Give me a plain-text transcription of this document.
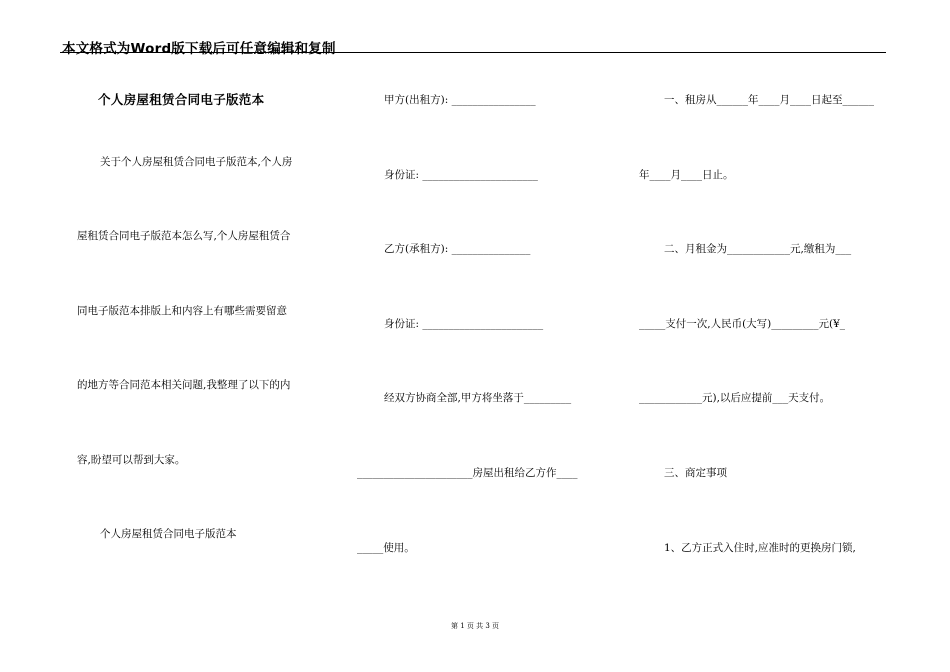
本文格式为Word版下载后可任意编辑和复制
个人房屋租赁合同电子版范本
关于个人房屋租赁合同电子版范本,个人房
屋租赁合同电子版范本怎么写,个人房屋租赁合
同电子版范本排版上和内容上有哪些需要留意
的地方等合同范本相关问题,我整理了以下的内
容,盼望可以帮到大家。
个人房屋租赁合同电子版范本
甲方(出租方): ________________
身份证: ______________________
乙方(承租方): _______________
身份证: _______________________
经双方协商全部,甲方将坐落于_________
______________________房屋出租给乙方作____
_____使用。
一、租房从______年____月____日起至______
年____月____日止。
二、月租金为____________元,缴租为___
_____支付一次,人民币(大写)_________元(¥_
____________元),以后应提前___天支付。
三、商定事项
1、乙方正式入住时,应准时的更换房门锁,
第 1 页 共 3 页
